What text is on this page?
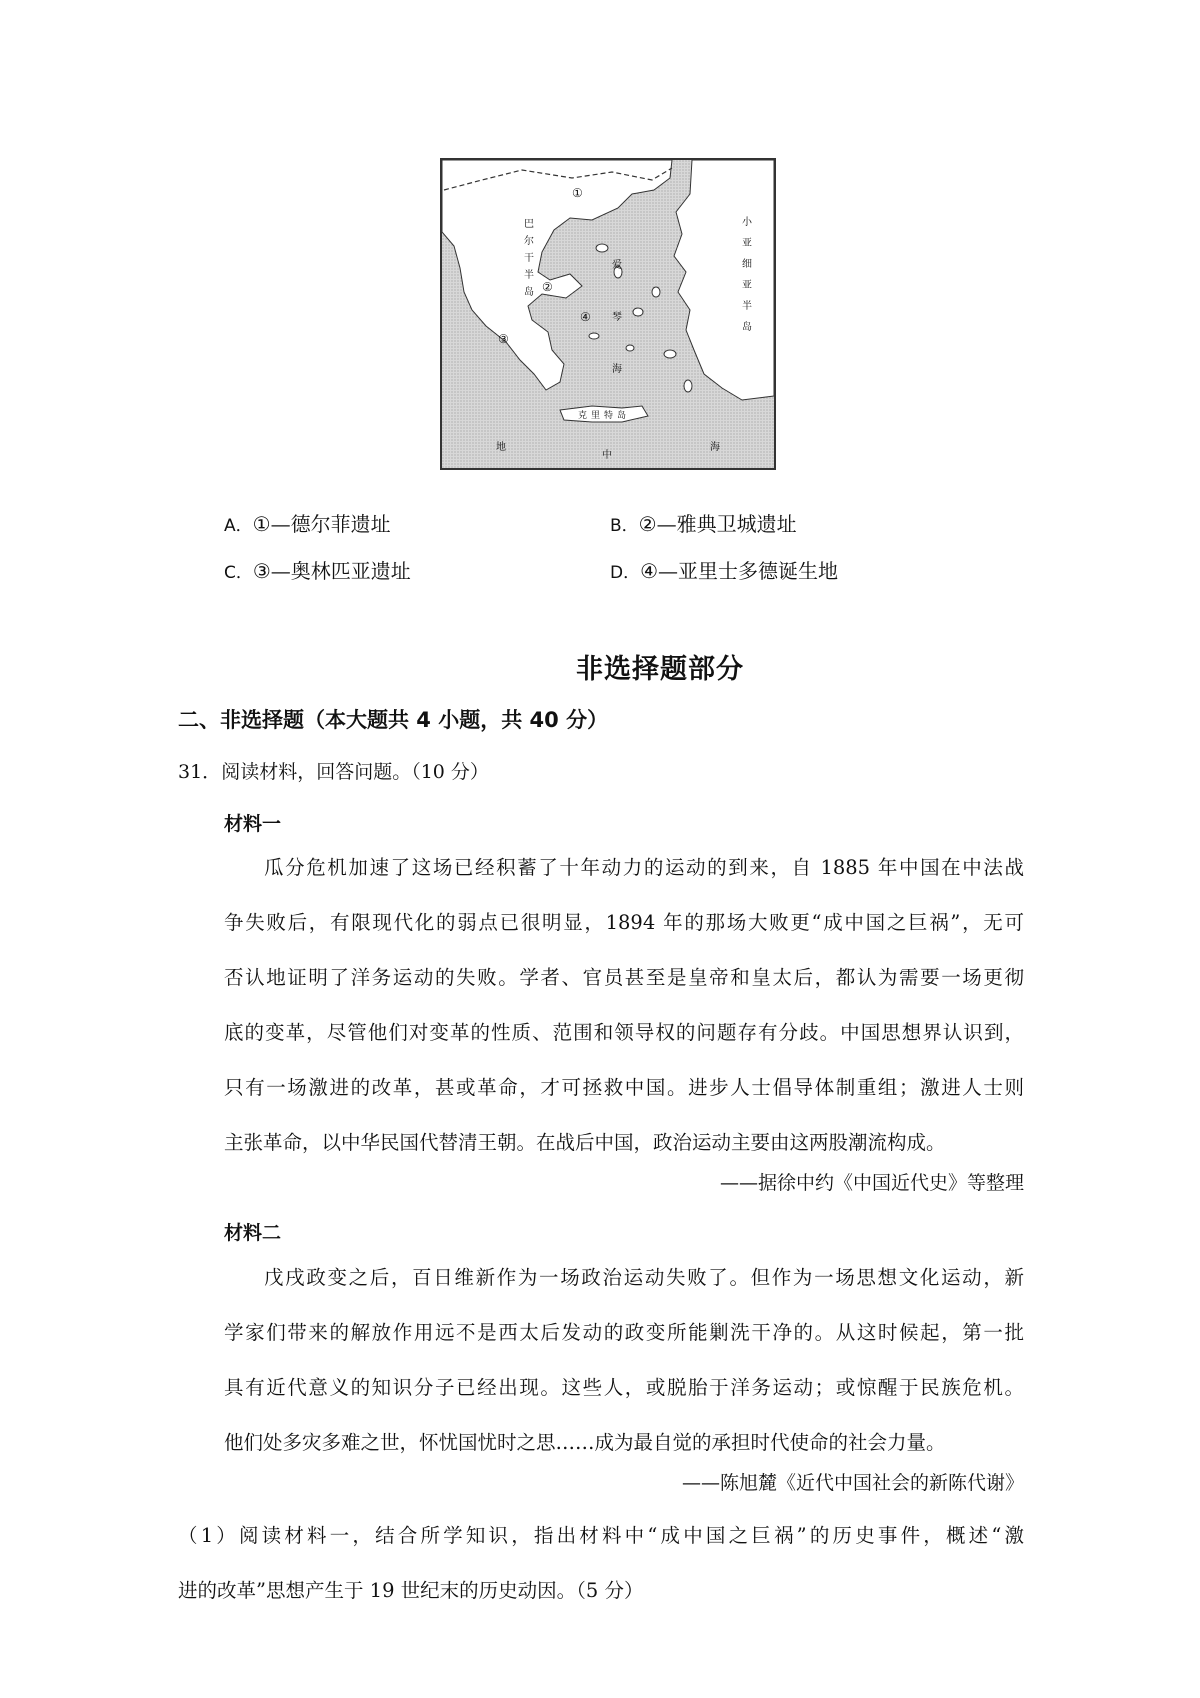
巴
尔
干
半
岛
爱
琴
海
小
亚
细
亚
半
岛
克里特岛
地
中
海
①
②
③
④
A．①—德尔菲遗址	B．②—雅典卫城遗址
C．③—奥林匹亚遗址	D．④—亚里士多德诞生地
非选择题部分
二、非选择题（本大题共 4 小题，共 40 分）
31．阅读材料，回答问题。（10 分）
材料一
瓜分危机加速了这场已经积蓄了十年动力的运动的到来，自 1885 年中国在中法战
争失败后，有限现代化的弱点已很明显，1894 年的那场大败更“成中国之巨祸”，无可
否认地证明了洋务运动的失败。学者、官员甚至是皇帝和皇太后，都认为需要一场更彻
底的变革，尽管他们对变革的性质、范围和领导权的问题存有分歧。中国思想界认识到，
只有一场激进的改革，甚或革命，才可拯救中国。进步人士倡导体制重组；激进人士则
主张革命，以中华民国代替清王朝。在战后中国，政治运动主要由这两股潮流构成。
——据徐中约《中国近代史》等整理
材料二
戊戌政变之后，百日维新作为一场政治运动失败了。但作为一场思想文化运动，新
学家们带来的解放作用远不是西太后发动的政变所能剿洗干净的。从这时候起，第一批
具有近代意义的知识分子已经出现。这些人，或脱胎于洋务运动；或惊醒于民族危机。
他们处多灾多难之世，怀忧国忧时之思……成为最自觉的承担时代使命的社会力量。
——陈旭麓《近代中国社会的新陈代谢》
（1）阅读材料一，结合所学知识，指出材料中“成中国之巨祸”的历史事件，概述“激
进的改革”思想产生于 19 世纪末的历史动因。（5 分）
